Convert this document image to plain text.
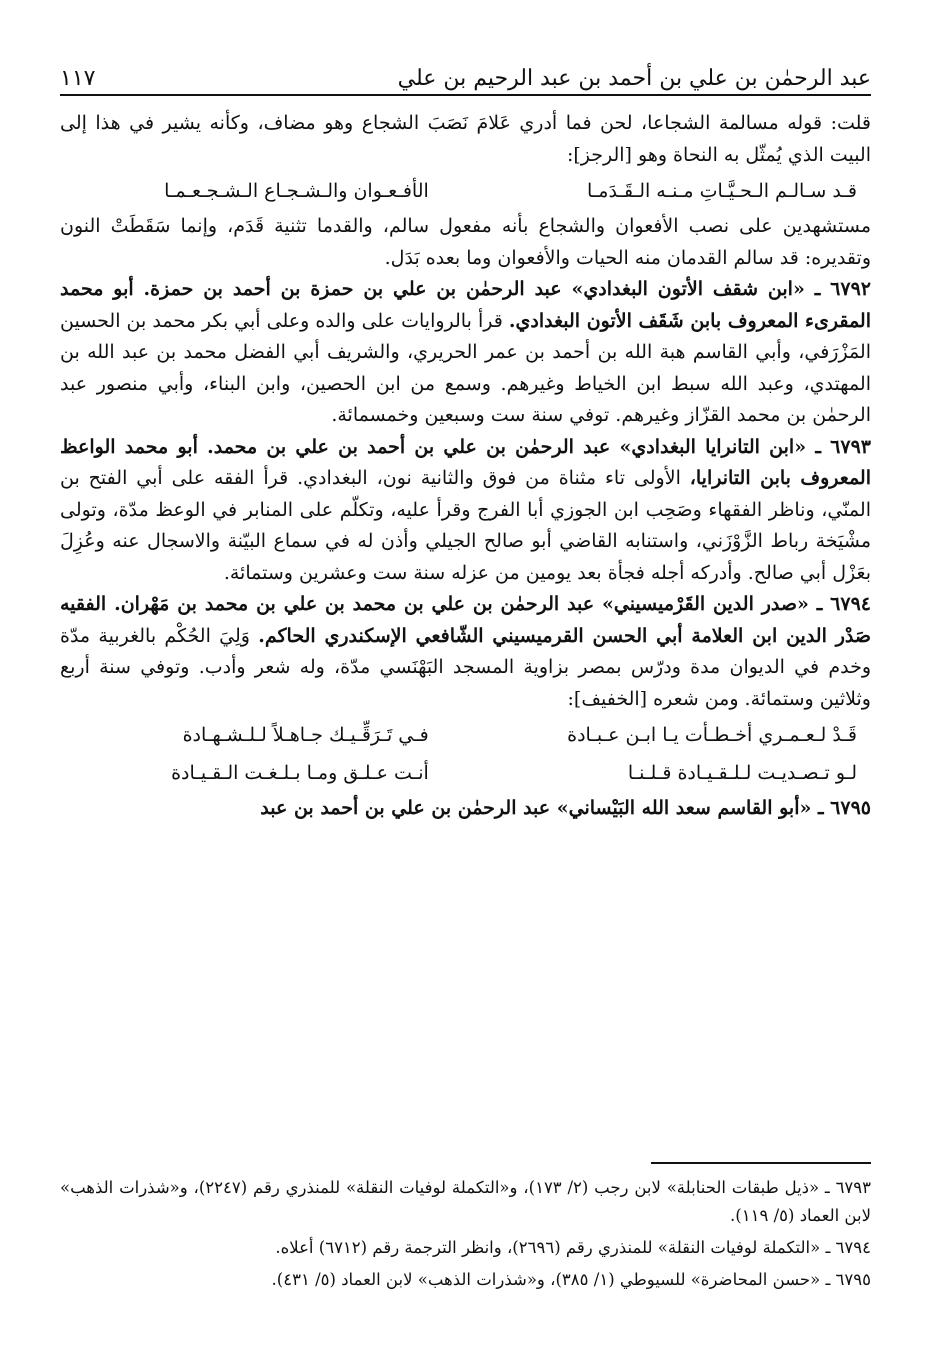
عبد الرحمٰن بن علي بن أحمد بن عبد الرحيم بن علي
١١٧

قلت: قوله مسالمة الشجاعا، لحن فما أدري عَلامَ نَصَبَ الشجاع وهو مضاف، وكأنه يشير في هذا إلى البيت الذي يُمثّل به النحاة وهو [الرجز]:

قـد سـالـم الـحـيَّـاتِ مـنـه الـقَـدَمـا
الأفـعـوان والـشـجـاع الـشـجـعـمـا

مستشهدين على نصب الأفعوان والشجاع بأنه مفعول سالم، والقدما تثنية قَدَم، وإنما سَقَطَتْ النون وتقديره: قد سالم القدمان منه الحيات والأفعوان وما بعده بَدَل.

٦٧٩٢ ـ «ابن شقف الأتون البغدادي» عبد الرحمٰن بن علي بن حمزة بن أحمد بن حمزة. أبو محمد المقرىء المعروف بابن شَقَف الأتون البغدادي. قرأ بالروايات على والده وعلى أبي بكر محمد بن الحسين المَزْرَفي، وأبي القاسم هبة الله بن أحمد بن عمر الحريري، والشريف أبي الفضل محمد بن عبد الله بن المهتدي، وعبد الله سبط ابن الخياط وغيرهم. وسمع من ابن الحصين، وابن البناء، وأبي منصور عبد الرحمٰن بن محمد القزّاز وغيرهم. توفي سنة ست وسبعين وخمسمائة.

٦٧٩٣ ـ «ابن التانرايا البغدادي» عبد الرحمٰن بن علي بن أحمد بن علي بن محمد. أبو محمد الواعظ المعروف بابن التانرايا، الأولى تاء مثناة من فوق والثانية نون، البغدادي. قرأ الفقه على أبي الفتح بن المنّي، وناظر الفقهاء وصَحِب ابن الجوزي أبا الفرج وقرأ عليه، وتكلّم على المنابر في الوعظ مدّة، وتولى مشْيَخة رباط الزَّوْزَني، واستنابه القاضي أبو صالح الجيلي وأذن له في سماع البيّنة والاسجال عنه وعُزِلَ بعَزْل أبي صالح. وأدركه أجله فجأة بعد يومين من عزله سنة ست وعشرين وستمائة.

٦٧٩٤ ـ «صدر الدين القَرْميسيني» عبد الرحمٰن بن علي بن محمد بن علي بن محمد بن مَهْران. الفقيه صَدْر الدين ابن العلامة أبي الحسن القرميسيني الشّافعي الإسكندري الحاكم. وَلِيَ الحُكْم بالغربية مدّة وخدم في الديوان مدة ودرّس بمصر بزاوية المسجد البَهْنَسي مدّة، وله شعر وأدب. وتوفي سنة أربع وثلاثين وستمائة. ومن شعره [الخفيف]:

قَـدْ لـعـمـري أخـطـأت يـا ابـن عـبـادة
فـي تَـرَقِّـيـك جـاهـلاً لـلـشـهـادة
لـو تـصـديـت لـلـقـيـادة قـلـنـا
أنـت عـلـق ومـا بـلـغـت الـقـيـادة

٦٧٩٥ ـ «أبو القاسم سعد الله البَيْساني» عبد الرحمٰن بن علي بن أحمد بن عبد

٦٧٩٣ ـ «ذيل طبقات الحنابلة» لابن رجب (٢/ ١٧٣)، و«التكملة لوفيات النقلة» للمنذري رقم (٢٢٤٧)، و«شذرات الذهب» لابن العماد (٥/ ١١٩).

٦٧٩٤ ـ «التكملة لوفيات النقلة» للمنذري رقم (٢٦٩٦)، وانظر الترجمة رقم (٦٧١٢) أعلاه.

٦٧٩٥ ـ «حسن المحاضرة» للسيوطي (١/ ٣٨٥)، و«شذرات الذهب» لابن العماد (٥/ ٤٣١).
